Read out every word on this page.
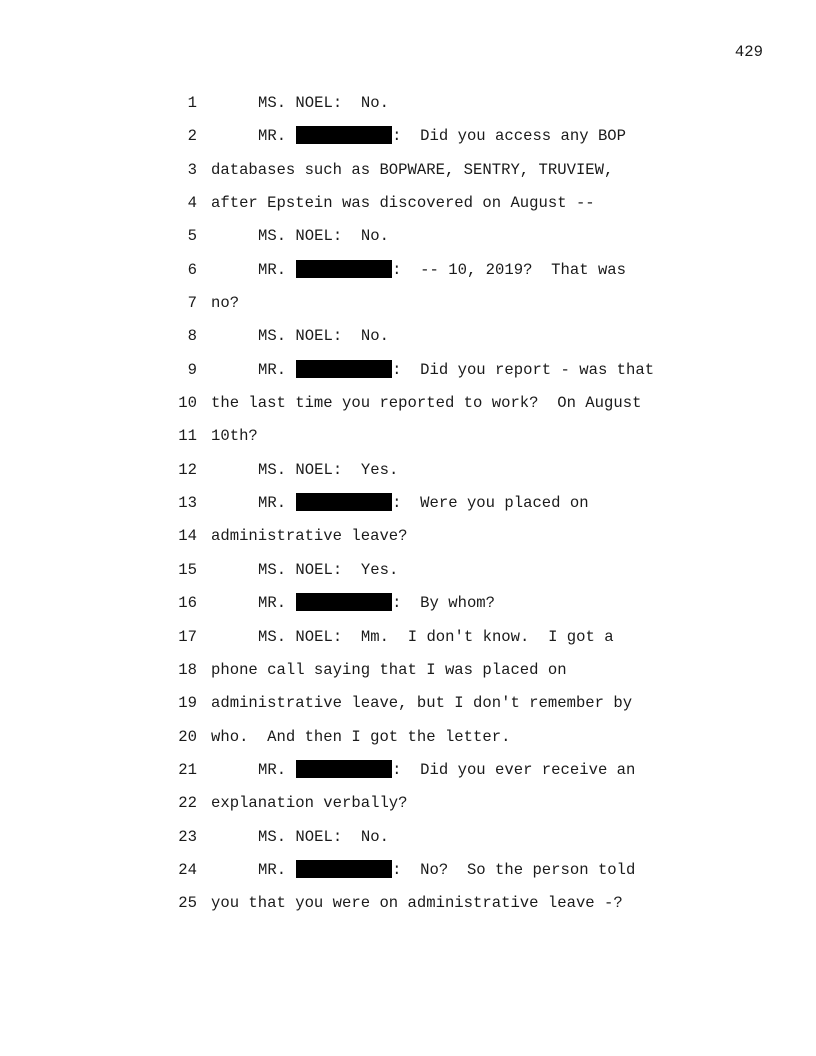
429
1	MS. NOEL:  No.
2	MR.	:  Did you access any BOP
3 databases such as BOPWARE, SENTRY, TRUVIEW,
4 after Epstein was discovered on August --
5	MS. NOEL:  No.
6	MR.	:  -- 10, 2019?  That was
7 no?
8	MS. NOEL:  No.
9	MR.	:  Did you report - was that
10 the last time you reported to work?  On August
11 10th?
12	MS. NOEL:  Yes.
13	MR.	:  Were you placed on
14 administrative leave?
15	MS. NOEL:  Yes.
16	MR.	:  By whom?
17	MS. NOEL:  Mm.  I don't know.  I got a
18 phone call saying that I was placed on
19 administrative leave, but I don't remember by
20 who.  And then I got the letter.
21	MR.	:  Did you ever receive an
22 explanation verbally?
23	MS. NOEL:  No.
24	MR.	:  No?  So the person told
25 you that you were on administrative leave -?
